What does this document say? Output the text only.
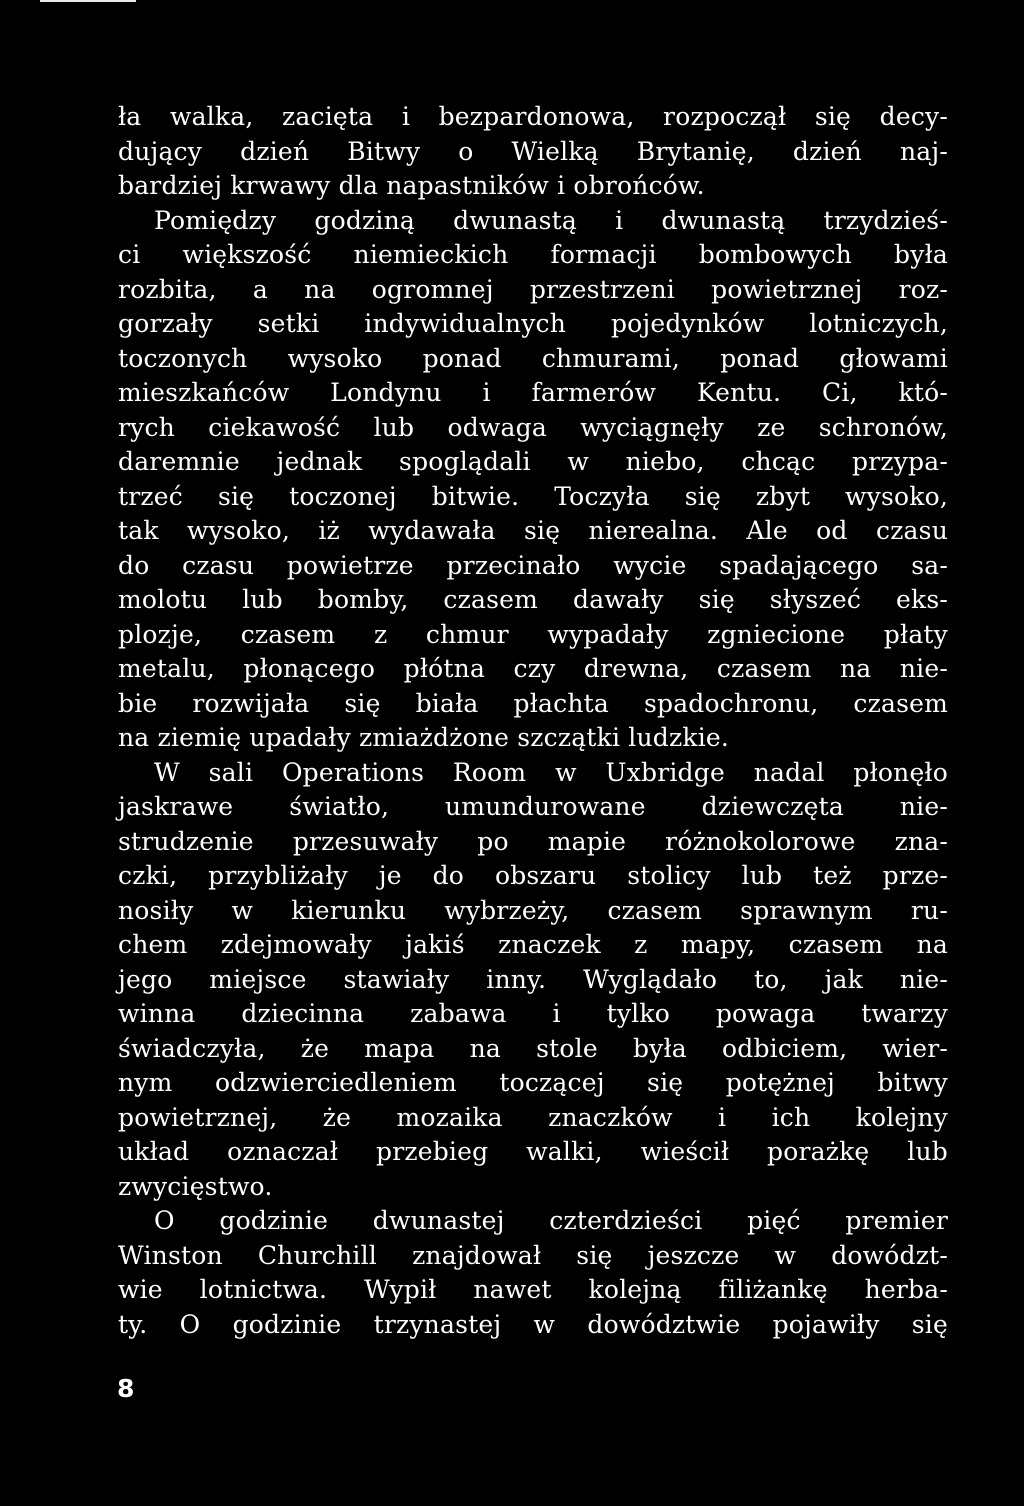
ła walka, zacięta i bezpardonowa, rozpoczął się decy-
dujący dzień Bitwy o Wielką Brytanię, dzień naj-
bardziej krwawy dla napastników i obrońców.
Pomiędzy godziną dwunastą i dwunastą trzydzieś-
ci większość niemieckich formacji bombowych była
rozbita, a na ogromnej przestrzeni powietrznej roz-
gorzały setki indywidualnych pojedynków lotniczych,
toczonych wysoko ponad chmurami, ponad głowami
mieszkańców Londynu i farmerów Kentu. Ci, któ-
rych ciekawość lub odwaga wyciągnęły ze schronów,
daremnie jednak spoglądali w niebo, chcąc przypa-
trzeć się toczonej bitwie. Toczyła się zbyt wysoko,
tak wysoko, iż wydawała się nierealna. Ale od czasu
do czasu powietrze przecinało wycie spadającego sa-
molotu lub bomby, czasem dawały się słyszeć eks-
plozje, czasem z chmur wypadały zgniecione płaty
metalu, płonącego płótna czy drewna, czasem na nie-
bie rozwijała się biała płachta spadochronu, czasem
na ziemię upadały zmiażdżone szczątki ludzkie.
W sali Operations Room w Uxbridge nadal płonęło
jaskrawe światło, umundurowane dziewczęta nie-
strudzenie przesuwały po mapie różnokolorowe zna-
czki, przybliżały je do obszaru stolicy lub też prze-
nosiły w kierunku wybrzeży, czasem sprawnym ru-
chem zdejmowały jakiś znaczek z mapy, czasem na
jego miejsce stawiały inny. Wyglądało to, jak nie-
winna dziecinna zabawa i tylko powaga twarzy
świadczyła, że mapa na stole była odbiciem, wier-
nym odzwierciedleniem toczącej się potężnej bitwy
powietrznej, że mozaika znaczków i ich kolejny
układ oznaczał przebieg walki, wieścił porażkę lub
zwycięstwo.
O godzinie dwunastej czterdzieści pięć premier
Winston Churchill znajdował się jeszcze w dowództ-
wie lotnictwa. Wypił nawet kolejną filiżankę herba-
ty. O godzinie trzynastej w dowództwie pojawiły się
8
